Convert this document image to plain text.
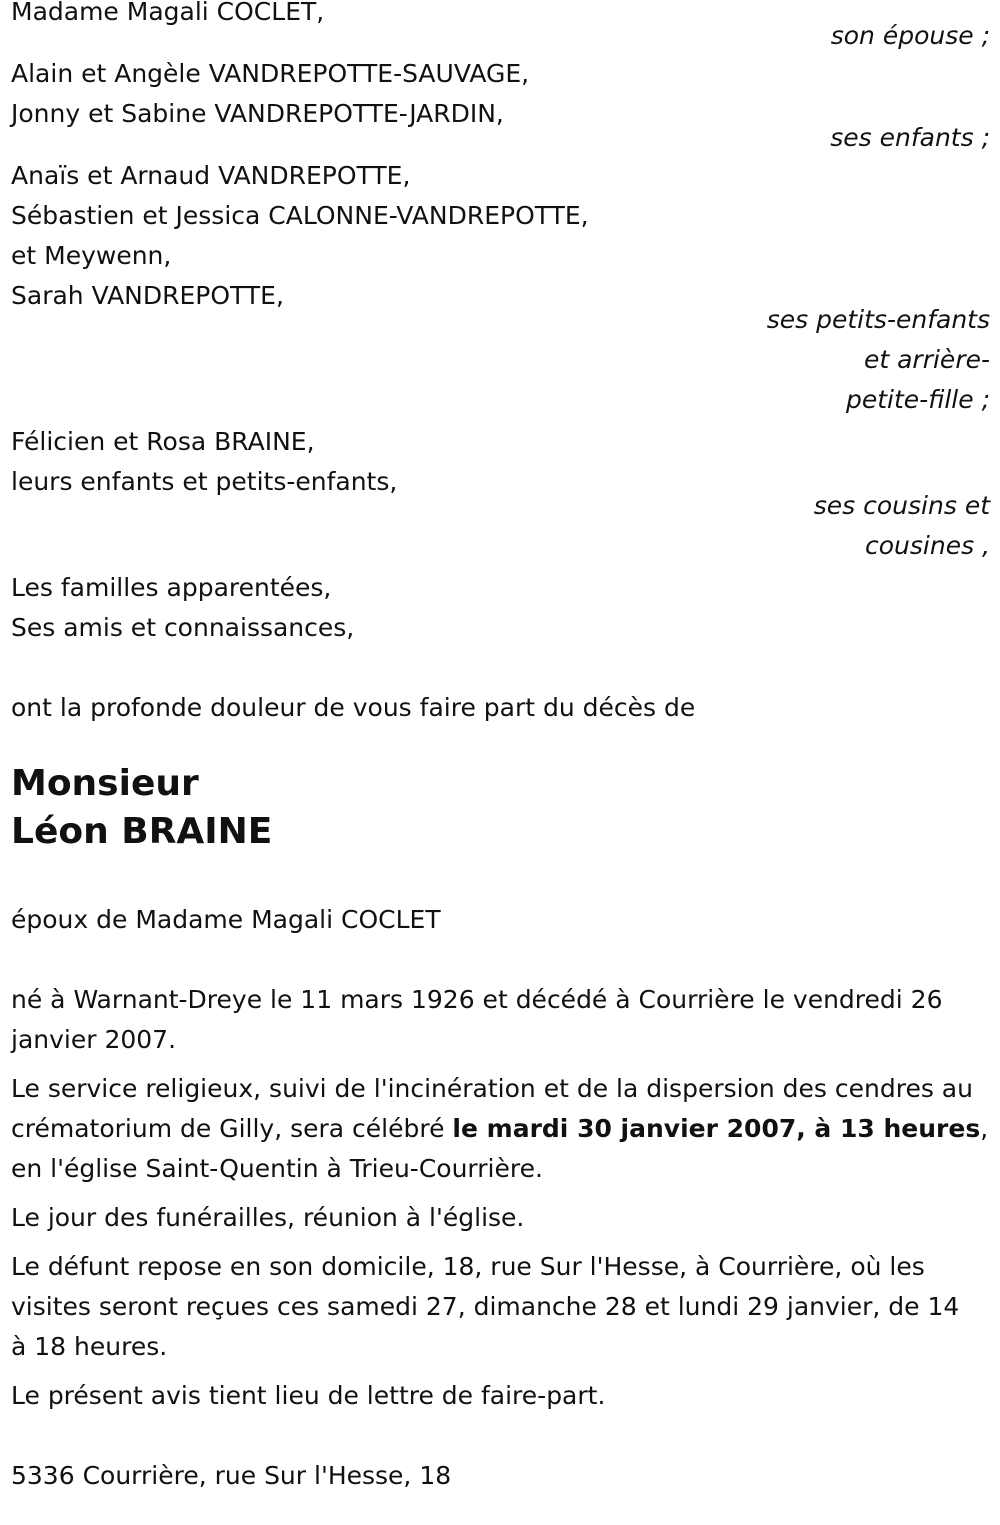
Madame Magali COCLET,
son épouse ;
Alain et Angèle VANDREPOTTE-SAUVAGE,
Jonny et Sabine VANDREPOTTE-JARDIN,
ses enfants ;
Anaïs et Arnaud VANDREPOTTE,
Sébastien et Jessica CALONNE-VANDREPOTTE,
et Meywenn,
Sarah VANDREPOTTE,
ses petits-enfants
et arrière-
petite-fille ;
Félicien et Rosa BRAINE,
leurs enfants et petits-enfants,
ses cousins et
cousines ,
Les familles apparentées,
Ses amis et connaissances,
ont la profonde douleur de vous faire part du décès de
Monsieur
Léon BRAINE
époux de Madame Magali COCLET

né à Warnant-Dreye le 11 mars 1926 et décédé à Courrière le vendredi 26 janvier 2007.

Le service religieux, suivi de l'incinération et de la dispersion des cendres au crématorium de Gilly, sera célébré le mardi 30 janvier 2007, à 13 heures, en l'église Saint-Quentin à Trieu-Courrière.

Le jour des funérailles, réunion à l'église.

Le défunt repose en son domicile, 18, rue Sur l'Hesse, à Courrière, où les visites seront reçues ces samedi 27, dimanche 28 et lundi 29 janvier, de 14 à 18 heures.

Le présent avis tient lieu de lettre de faire-part.

5336 Courrière, rue Sur l'Hesse, 18
